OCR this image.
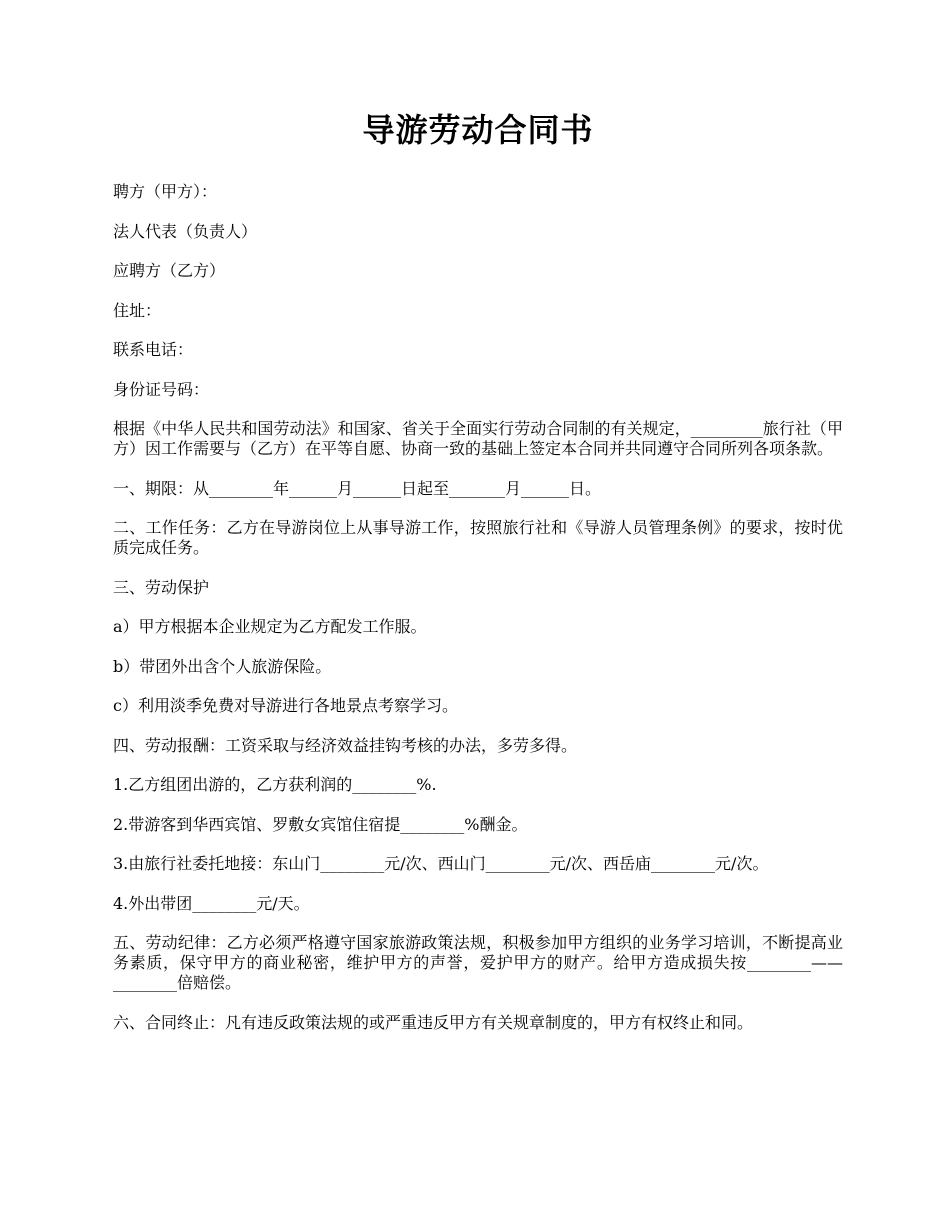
导游劳动合同书

聘方（甲方）：

法人代表（负责人）

应聘方（乙方）

住址：

联系电话：

身份证号码：

根据《中华人民共和国劳动法》和国家、省关于全面实行劳动合同制的有关规定，_________旅行社（甲方）因工作需要与（乙方）在平等自愿、协商一致的基础上签定本合同并共同遵守合同所列各项条款。

一、期限：从________年______月______日起至_______月______日。

二、工作任务：乙方在导游岗位上从事导游工作，按照旅行社和《导游人员管理条例》的要求，按时优质完成任务。

三、劳动保护

a）甲方根据本企业规定为乙方配发工作服。

b）带团外出含个人旅游保险。

c）利用淡季免费对导游进行各地景点考察学习。

四、劳动报酬：工资采取与经济效益挂钩考核的办法，多劳多得。

1.乙方组团出游的，乙方获利润的________%.

2.带游客到华西宾馆、罗敷女宾馆住宿提________%酬金。

3.由旅行社委托地接：东山门________元/次、西山门________元/次、西岳庙________元/次。

4.外出带团________元/天。

五、劳动纪律：乙方必须严格遵守国家旅游政策法规，积极参加甲方组织的业务学习培训，不断提高业务素质，保守甲方的商业秘密，维护甲方的声誉，爱护甲方的财产。给甲方造成损失按________——________倍赔偿。

六、合同终止：凡有违反政策法规的或严重违反甲方有关规章制度的，甲方有权终止和同。
